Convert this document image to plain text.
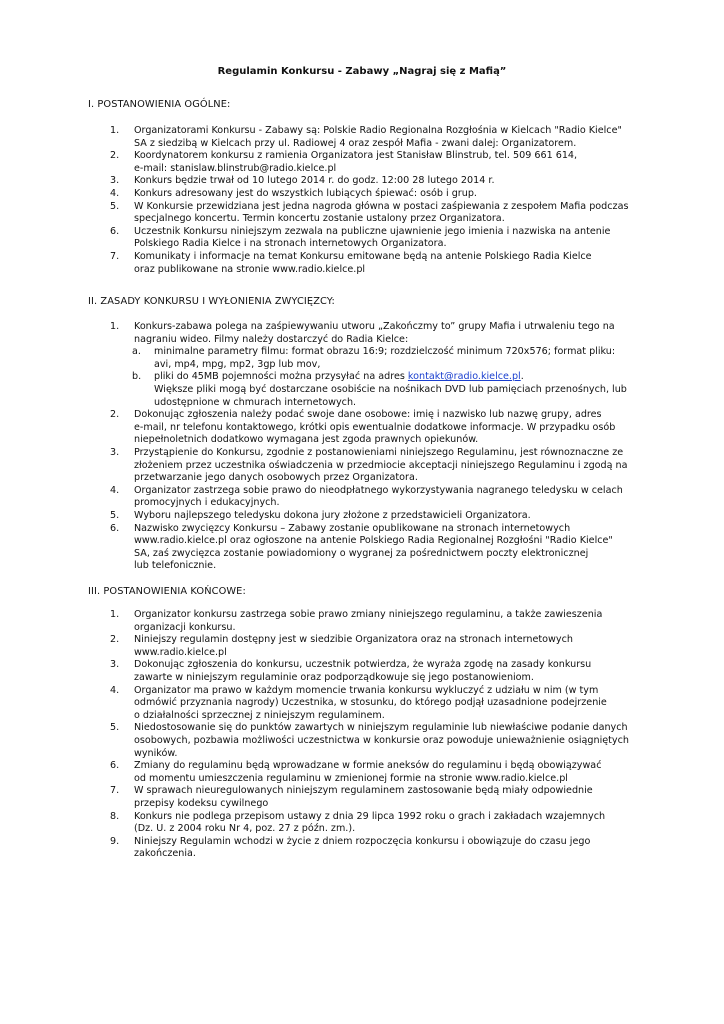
Regulamin Konkursu - Zabawy „Nagraj się z Mafią”
I. POSTANOWIENIA OGÓLNE:
1. Organizatorami Konkursu - Zabawy są: Polskie Radio Regionalna Rozgłośnia w Kielcach "Radio Kielce"
SA z siedzibą w Kielcach przy ul. Radiowej 4 oraz zespół Mafia - zwani dalej: Organizatorem.
2. Koordynatorem konkursu z ramienia Organizatora jest Stanisław Blinstrub, tel. 509 661 614,
e-mail: stanislaw.blinstrub@radio.kielce.pl
3. Konkurs będzie trwał od 10 lutego 2014 r. do godz. 12:00 28 lutego 2014 r.
4. Konkurs adresowany jest do wszystkich lubiących śpiewać: osób i grup.
5. W Konkursie przewidziana jest jedna nagroda główna w postaci zaśpiewania z zespołem Mafia podczas
specjalnego koncertu. Termin koncertu zostanie ustalony przez Organizatora.
6. Uczestnik Konkursu niniejszym zezwala na publiczne ujawnienie jego imienia i nazwiska na antenie
Polskiego Radia Kielce i na stronach internetowych Organizatora.
7. Komunikaty i informacje na temat Konkursu emitowane będą na antenie Polskiego Radia Kielce
oraz publikowane na stronie www.radio.kielce.pl
II. ZASADY KONKURSU I WYŁONIENIA ZWYCIĘZCY:
1. Konkurs-zabawa polega na zaśpiewywaniu utworu „Zakończmy to” grupy Mafia i utrwaleniu tego na
nagraniu wideo. Filmy należy dostarczyć do Radia Kielce:
a. minimalne parametry filmu: format obrazu 16:9; rozdzielczość minimum 720x576; format pliku:
avi, mp4, mpg, mp2, 3gp lub mov,
b. pliki do 45MB pojemności można przysyłać na adres kontakt@radio.kielce.pl.
Większe pliki mogą być dostarczane osobiście na nośnikach DVD lub pamięciach przenośnych, lub
udostępnione w chmurach internetowych.
2. Dokonując zgłoszenia należy podać swoje dane osobowe: imię i nazwisko lub nazwę grupy, adres
e-mail, nr telefonu kontaktowego, krótki opis ewentualnie dodatkowe informacje. W przypadku osób
niepełnoletnich dodatkowo wymagana jest zgoda prawnych opiekunów.
3. Przystąpienie do Konkursu, zgodnie z postanowieniami niniejszego Regulaminu, jest równoznaczne ze
złożeniem przez uczestnika oświadczenia w przedmiocie akceptacji niniejszego Regulaminu i zgodą na
przetwarzanie jego danych osobowych przez Organizatora.
4. Organizator zastrzega sobie prawo do nieodpłatnego wykorzystywania nagranego teledysku w celach
promocyjnych i edukacyjnych.
5. Wyboru najlepszego teledysku dokona jury złożone z przedstawicieli Organizatora.
6. Nazwisko zwycięzcy Konkursu – Zabawy zostanie opublikowane na stronach internetowych
www.radio.kielce.pl oraz ogłoszone na antenie Polskiego Radia Regionalnej Rozgłośni "Radio Kielce"
SA, zaś zwycięzca zostanie powiadomiony o wygranej za pośrednictwem poczty elektronicznej
lub telefonicznie.
III. POSTANOWIENIA KOŃCOWE:
1. Organizator konkursu zastrzega sobie prawo zmiany niniejszego regulaminu, a także zawieszenia
organizacji konkursu.
2. Niniejszy regulamin dostępny jest w siedzibie Organizatora oraz na stronach internetowych
www.radio.kielce.pl
3. Dokonując zgłoszenia do konkursu, uczestnik potwierdza, że wyraża zgodę na zasady konkursu
zawarte w niniejszym regulaminie oraz podporządkowuje się jego postanowieniom.
4. Organizator ma prawo w każdym momencie trwania konkursu wykluczyć z udziału w nim (w tym
odmówić przyznania nagrody) Uczestnika, w stosunku, do którego podjął uzasadnione podejrzenie
o działalności sprzecznej z niniejszym regulaminem.
5. Niedostosowanie się do punktów zawartych w niniejszym regulaminie lub niewłaściwe podanie danych
osobowych, pozbawia możliwości uczestnictwa w konkursie oraz powoduje unieważnienie osiągniętych
wyników.
6. Zmiany do regulaminu będą wprowadzane w formie aneksów do regulaminu i będą obowiązywać
od momentu umieszczenia regulaminu w zmienionej formie na stronie www.radio.kielce.pl
7. W sprawach nieuregulowanych niniejszym regulaminem zastosowanie będą miały odpowiednie
przepisy kodeksu cywilnego
8. Konkurs nie podlega przepisom ustawy z dnia 29 lipca 1992 roku o grach i zakładach wzajemnych
(Dz. U. z 2004 roku Nr 4, poz. 27 z późn. zm.).
9. Niniejszy Regulamin wchodzi w życie z dniem rozpoczęcia konkursu i obowiązuje do czasu jego
zakończenia.
